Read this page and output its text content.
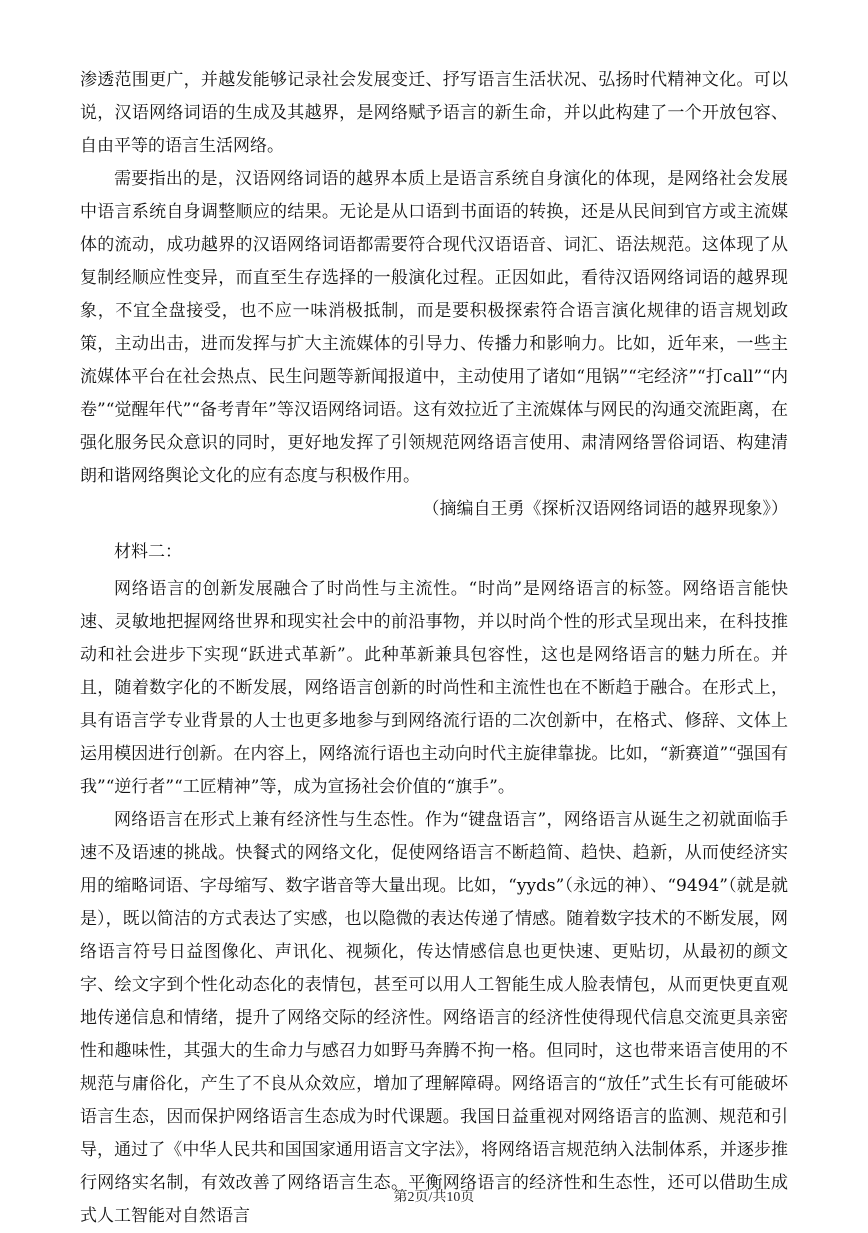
渗透范围更广，并越发能够记录社会发展变迁、抒写语言生活状况、弘扬时代精神文化。可以说，汉语网络词语的生成及其越界，是网络赋予语言的新生命，并以此构建了一个开放包容、自由平等的语言生活网络。

需要指出的是，汉语网络词语的越界本质上是语言系统自身演化的体现，是网络社会发展中语言系统自身调整顺应的结果。无论是从口语到书面语的转换，还是从民间到官方或主流媒体的流动，成功越界的汉语网络词语都需要符合现代汉语语音、词汇、语法规范。这体现了从复制经顺应性变异，而直至生存选择的一般演化过程。正因如此，看待汉语网络词语的越界现象，不宜全盘接受，也不应一味消极抵制，而是要积极探索符合语言演化规律的语言规划政策，主动出击，进而发挥与扩大主流媒体的引导力、传播力和影响力。比如，近年来，一些主流媒体平台在社会热点、民生问题等新闻报道中，主动使用了诸如“甩锅”“宅经济”“打call”“内卷”“觉醒年代”“备考青年”等汉语网络词语。这有效拉近了主流媒体与网民的沟通交流距离，在强化服务民众意识的同时，更好地发挥了引领规范网络语言使用、肃清网络詈俗词语、构建清朗和谐网络舆论文化的应有态度与积极作用。

（摘编自王勇《探析汉语网络词语的越界现象》）

材料二：

网络语言的创新发展融合了时尚性与主流性。“时尚”是网络语言的标签。网络语言能快速、灵敏地把握网络世界和现实社会中的前沿事物，并以时尚个性的形式呈现出来，在科技推动和社会进步下实现“跃进式革新”。此种革新兼具包容性，这也是网络语言的魅力所在。并且，随着数字化的不断发展，网络语言创新的时尚性和主流性也在不断趋于融合。在形式上，具有语言学专业背景的人士也更多地参与到网络流行语的二次创新中，在格式、修辞、文体上运用模因进行创新。在内容上，网络流行语也主动向时代主旋律靠拢。比如，“新赛道”“强国有我”“逆行者”“工匠精神”等，成为宣扬社会价值的“旗手”。

网络语言在形式上兼有经济性与生态性。作为“键盘语言”，网络语言从诞生之初就面临手速不及语速的挑战。快餐式的网络文化，促使网络语言不断趋简、趋快、趋新，从而使经济实用的缩略词语、字母缩写、数字谐音等大量出现。比如，“yyds”（永远的神）、“9494”（就是就是），既以简洁的方式表达了实感，也以隐微的表达传递了情感。随着数字技术的不断发展，网络语言符号日益图像化、声讯化、视频化，传达情感信息也更快速、更贴切，从最初的颜文字、绘文字到个性化动态化的表情包，甚至可以用人工智能生成人脸表情包，从而更快更直观地传递信息和情绪，提升了网络交际的经济性。网络语言的经济性使得现代信息交流更具亲密性和趣味性，其强大的生命力与感召力如野马奔腾不拘一格。但同时，这也带来语言使用的不规范与庸俗化，产生了不良从众效应，增加了理解障碍。网络语言的“放任”式生长有可能破坏语言生态，因而保护网络语言生态成为时代课题。我国日益重视对网络语言的监测、规范和引导，通过了《中华人民共和国国家通用语言文字法》，将网络语言规范纳入法制体系，并逐步推行网络实名制，有效改善了网络语言生态。平衡网络语言的经济性和生态性，还可以借助生成式人工智能对自然语言

第2页/共10页
